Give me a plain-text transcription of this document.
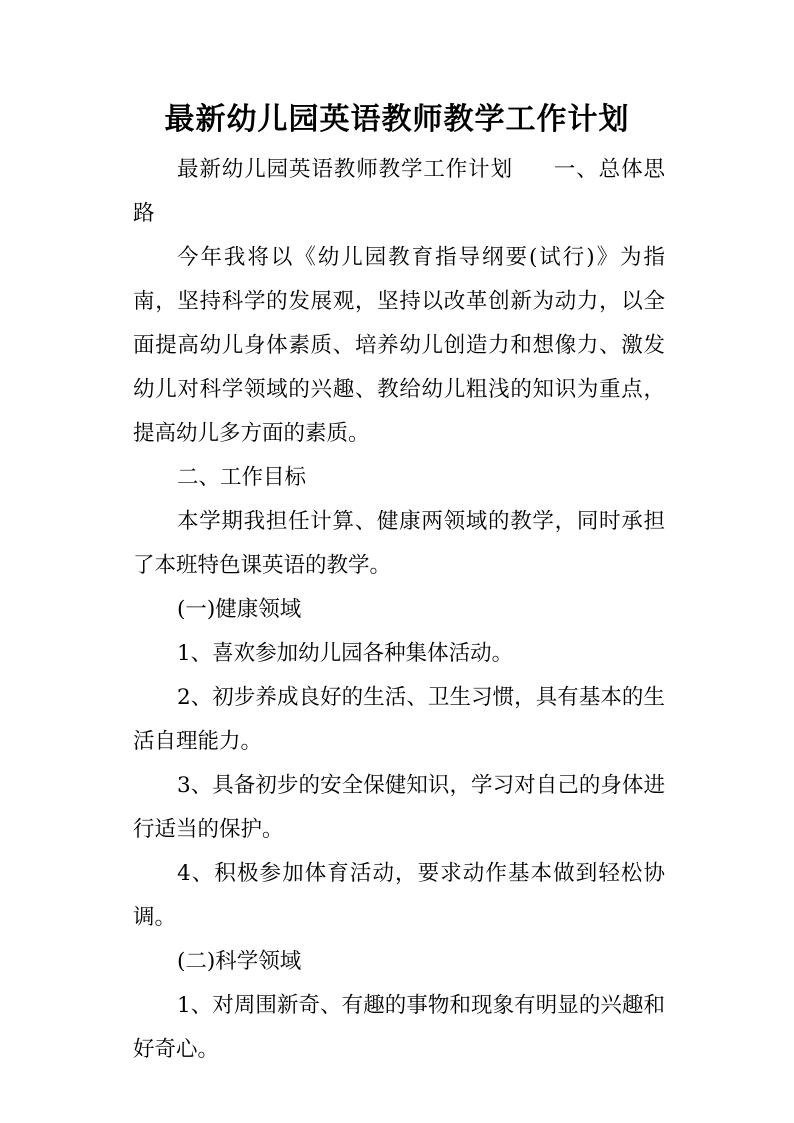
最新幼儿园英语教师教学工作计划

最新幼儿园英语教师教学工作计划 一、总体思路

今年我将以《幼儿园教育指导纲要(试行)》为指南，坚持科学的发展观，坚持以改革创新为动力，以全面提高幼儿身体素质、培养幼儿创造力和想像力、激发幼儿对科学领域的兴趣、教给幼儿粗浅的知识为重点，提高幼儿多方面的素质。

二、工作目标

本学期我担任计算、健康两领域的教学，同时承担了本班特色课英语的教学。

(一)健康领域

1、喜欢参加幼儿园各种集体活动。

2、初步养成良好的生活、卫生习惯，具有基本的生活自理能力。

3、具备初步的安全保健知识，学习对自己的身体进行适当的保护。

4、积极参加体育活动，要求动作基本做到轻松协调。

(二)科学领域

1、对周围新奇、有趣的事物和现象有明显的兴趣和好奇心。
